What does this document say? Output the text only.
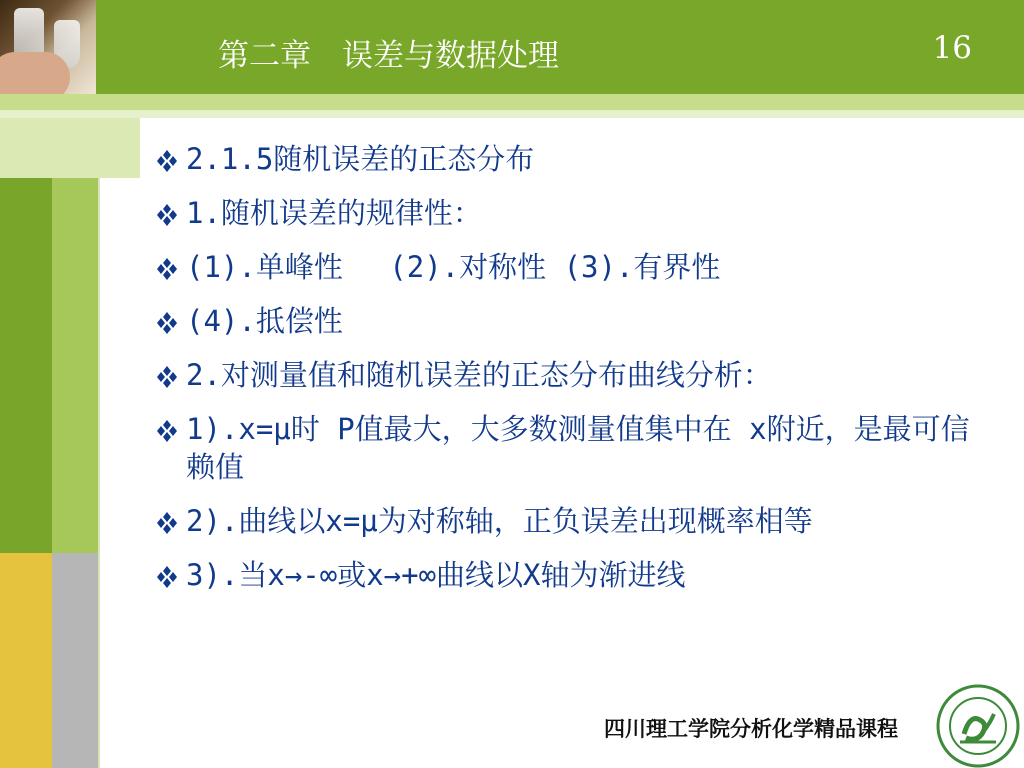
第二章　误差与数据处理	16
2.1.5随机误差的正态分布
1.随机误差的规律性：
(1).单峰性　 (2).对称性 (3).有界性
(4).抵偿性
2.对测量值和随机误差的正态分布曲线分析：
1).x=μ时 P值最大，大多数测量值集中在 x附近，是最可信赖值
2).曲线以x=μ为对称轴，正负误差出现概率相等
3).当x→-∞或x→+∞曲线以X轴为渐进线
四川理工学院分析化学精品课程
